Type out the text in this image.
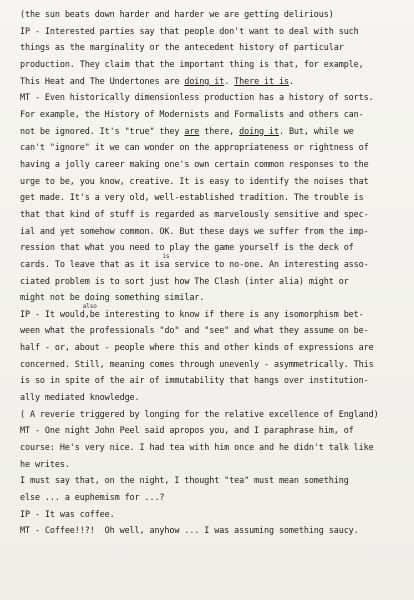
(the sun beats down harder and harder we are getting delirious)
IP - Interested parties say that people don't want to deal with such
things as the marginality or the antecedent history of particular
production. They claim that the important thing is that, for example,
This Heat and The Undertones are doing it. There it is.
MT - Even historically dimensionless production has a history of sorts.
For example, the History of Modernists and Formalists and others can-
not be ignored. It's "true" they are there, doing it. But, while we
can't "ignore" it we can wonder on the appropriateness or rightness of
having a jolly career making one's own certain common responses to the
urge to be, you know, creative. It is easy to identify the noises that
get made. It's a very old, well-established tradition. The trouble is
that that kind of stuff is regarded as marvelously sensitive and spec-
ial and yet somehow common. OK. But these days we suffer from the imp-
ression that what you need to play the game yourself is the deck of
cards. To leave that as it is
is
a service to no-one. An interesting asso-
ciated problem is to sort just how The Clash (inter alia) might or
might not be doing something similar.
IP - It would
also
,be interesting to know if there is any isomorphism bet-
ween what the professionals "do" and "see" and what they assume on be-
half - or, about - people where this and other kinds of expressions are
concerned. Still, meaning comes through unevenly - asymmetrically. This
is so in spite of the air of immutability that hangs over institution-
ally mediated knowledge.
( A reverie triggered by longing for the relative excellence of England)
MT - One night John Peel said apropos you, and I paraphrase him, of
course: He's very nice. I had tea with him once and he didn't talk like
he writes.
I must say that, on the night, I thought "tea" must mean something
else ... a euphemism for ...?
IP - It was coffee.
MT - Coffee!!?!  Oh well, anyhow ... I was assuming something saucy.
